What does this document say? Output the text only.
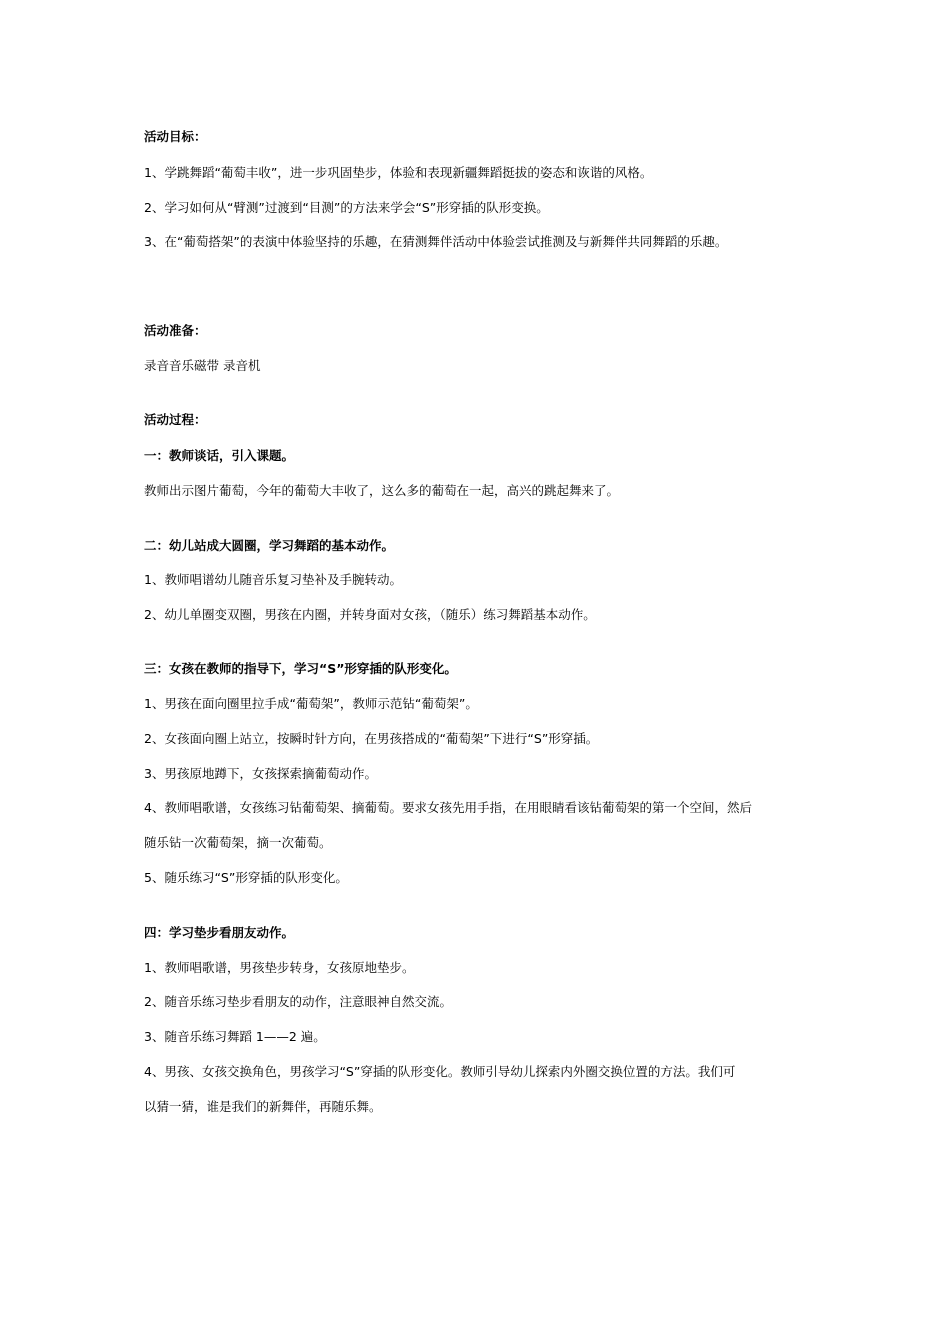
活动目标：
1、学跳舞蹈“葡萄丰收”，进一步巩固垫步，体验和表现新疆舞蹈挺拔的姿态和诙谐的风格。
2、学习如何从“臂测”过渡到“目测”的方法来学会“S”形穿插的队形变换。
3、在“葡萄搭架”的表演中体验坚持的乐趣，在猜测舞伴活动中体验尝试推测及与新舞伴共同舞蹈的乐趣。
活动准备：
录音音乐磁带 录音机
活动过程：
一：教师谈话，引入课题。
教师出示图片葡萄，今年的葡萄大丰收了，这么多的葡萄在一起，高兴的跳起舞来了。
二：幼儿站成大圆圈，学习舞蹈的基本动作。
1、教师唱谱幼儿随音乐复习垫补及手腕转动。
2、幼儿单圈变双圈，男孩在内圈，并转身面对女孩，（随乐）练习舞蹈基本动作。
三：女孩在教师的指导下，学习“S”形穿插的队形变化。
1、男孩在面向圈里拉手成“葡萄架”，教师示范钻“葡萄架”。
2、女孩面向圈上站立，按瞬时针方向，在男孩搭成的“葡萄架”下进行“S”形穿插。
3、男孩原地蹲下，女孩探索摘葡萄动作。
4、教师唱歌谱，女孩练习钻葡萄架、摘葡萄。要求女孩先用手指，在用眼睛看该钻葡萄架的第一个空间，然后
随乐钻一次葡萄架，摘一次葡萄。
5、随乐练习“S”形穿插的队形变化。
四：学习垫步看朋友动作。
1、教师唱歌谱，男孩垫步转身，女孩原地垫步。
2、随音乐练习垫步看朋友的动作，注意眼神自然交流。
3、随音乐练习舞蹈 1——2 遍。
4、男孩、女孩交换角色，男孩学习“S”穿插的队形变化。教师引导幼儿探索内外圈交换位置的方法。我们可
以猜一猜，谁是我们的新舞伴，再随乐舞。
